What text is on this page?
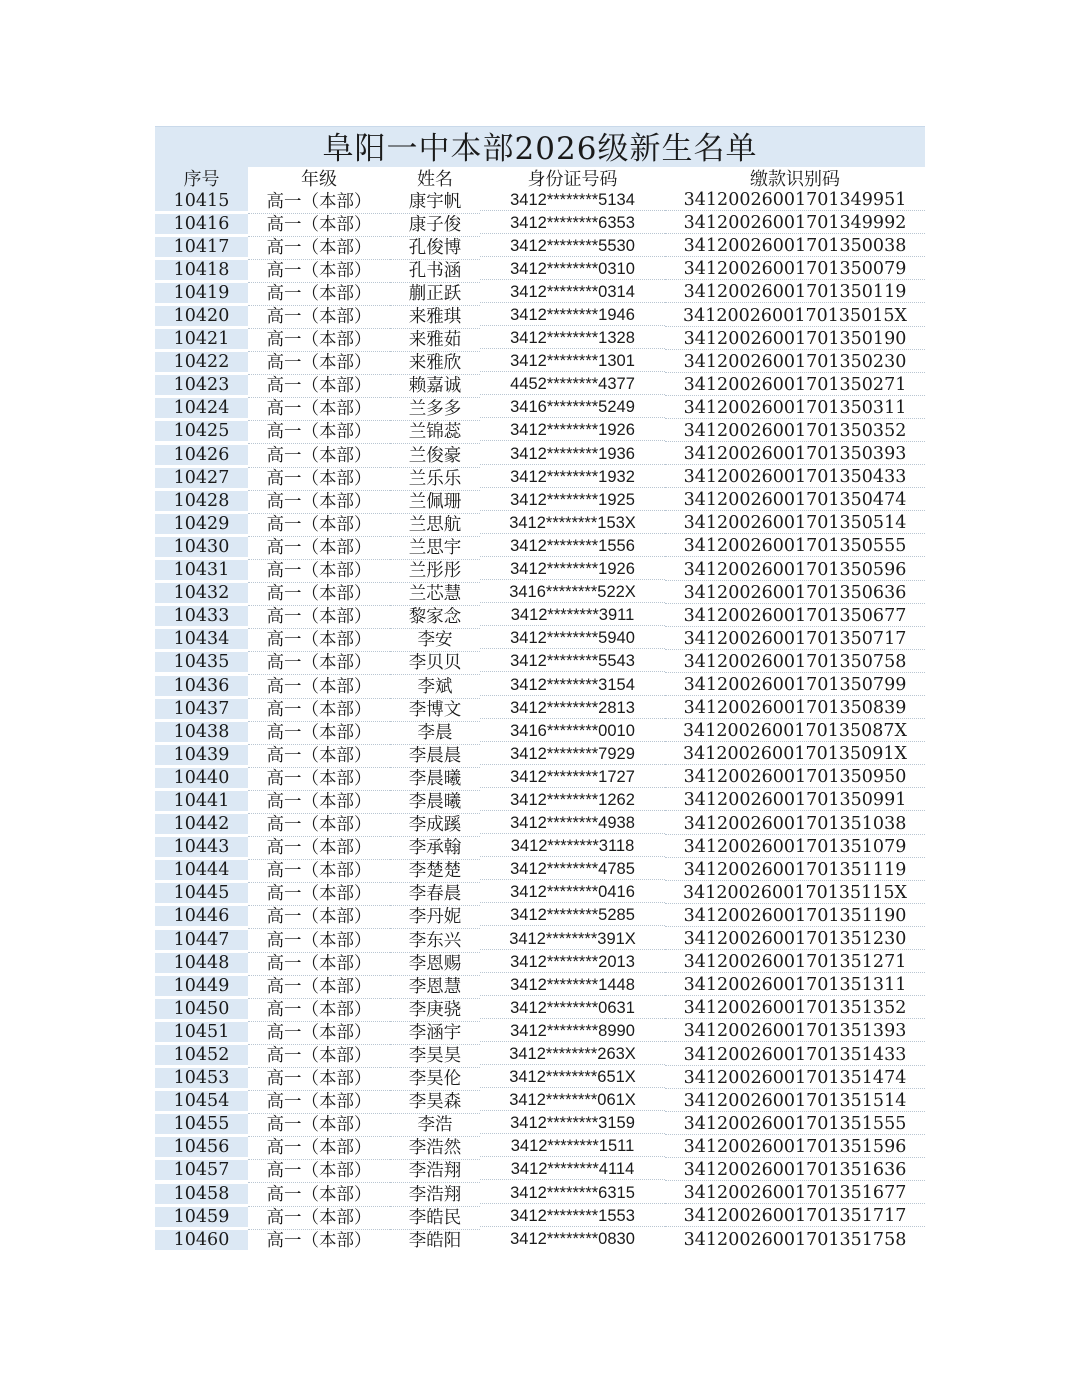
阜阳一中本部2026级新生名单
序号	年级	姓名	身份证号码	缴款识别码
10415	高一（本部）	康宇帆	3412********5134	34120026001701349951
10416	高一（本部）	康子俊	3412********6353	34120026001701349992
10417	高一（本部）	孔俊博	3412********5530	34120026001701350038
10418	高一（本部）	孔书涵	3412********0310	34120026001701350079
10419	高一（本部）	蒯正跃	3412********0314	34120026001701350119
10420	高一（本部）	来雅琪	3412********1946	3412002600170135015X
10421	高一（本部）	来雅茹	3412********1328	34120026001701350190
10422	高一（本部）	来雅欣	3412********1301	34120026001701350230
10423	高一（本部）	赖嘉诚	4452********4377	34120026001701350271
10424	高一（本部）	兰多多	3416********5249	34120026001701350311
10425	高一（本部）	兰锦蕊	3412********1926	34120026001701350352
10426	高一（本部）	兰俊豪	3412********1936	34120026001701350393
10427	高一（本部）	兰乐乐	3412********1932	34120026001701350433
10428	高一（本部）	兰佩珊	3412********1925	34120026001701350474
10429	高一（本部）	兰思航	3412********153X	34120026001701350514
10430	高一（本部）	兰思宇	3412********1556	34120026001701350555
10431	高一（本部）	兰彤彤	3412********1926	34120026001701350596
10432	高一（本部）	兰芯慧	3416********522X	34120026001701350636
10433	高一（本部）	黎家念	3412********3911	34120026001701350677
10434	高一（本部）	李安	3412********5940	34120026001701350717
10435	高一（本部）	李贝贝	3412********5543	34120026001701350758
10436	高一（本部）	李斌	3412********3154	34120026001701350799
10437	高一（本部）	李博文	3412********2813	34120026001701350839
10438	高一（本部）	李晨	3416********0010	3412002600170135087X
10439	高一（本部）	李晨晨	3412********7929	3412002600170135091X
10440	高一（本部）	李晨曦	3412********1727	34120026001701350950
10441	高一（本部）	李晨曦	3412********1262	34120026001701350991
10442	高一（本部）	李成蹊	3412********4938	34120026001701351038
10443	高一（本部）	李承翰	3412********3118	34120026001701351079
10444	高一（本部）	李楚楚	3412********4785	34120026001701351119
10445	高一（本部）	李春晨	3412********0416	3412002600170135115X
10446	高一（本部）	李丹妮	3412********5285	34120026001701351190
10447	高一（本部）	李东兴	3412********391X	34120026001701351230
10448	高一（本部）	李恩赐	3412********2013	34120026001701351271
10449	高一（本部）	李恩慧	3412********1448	34120026001701351311
10450	高一（本部）	李庚骁	3412********0631	34120026001701351352
10451	高一（本部）	李涵宇	3412********8990	34120026001701351393
10452	高一（本部）	李昊昊	3412********263X	34120026001701351433
10453	高一（本部）	李昊伦	3412********651X	34120026001701351474
10454	高一（本部）	李昊森	3412********061X	34120026001701351514
10455	高一（本部）	李浩	3412********3159	34120026001701351555
10456	高一（本部）	李浩然	3412********1511	34120026001701351596
10457	高一（本部）	李浩翔	3412********4114	34120026001701351636
10458	高一（本部）	李浩翔	3412********6315	34120026001701351677
10459	高一（本部）	李皓民	3412********1553	34120026001701351717
10460	高一（本部）	李皓阳	3412********0830	34120026001701351758
